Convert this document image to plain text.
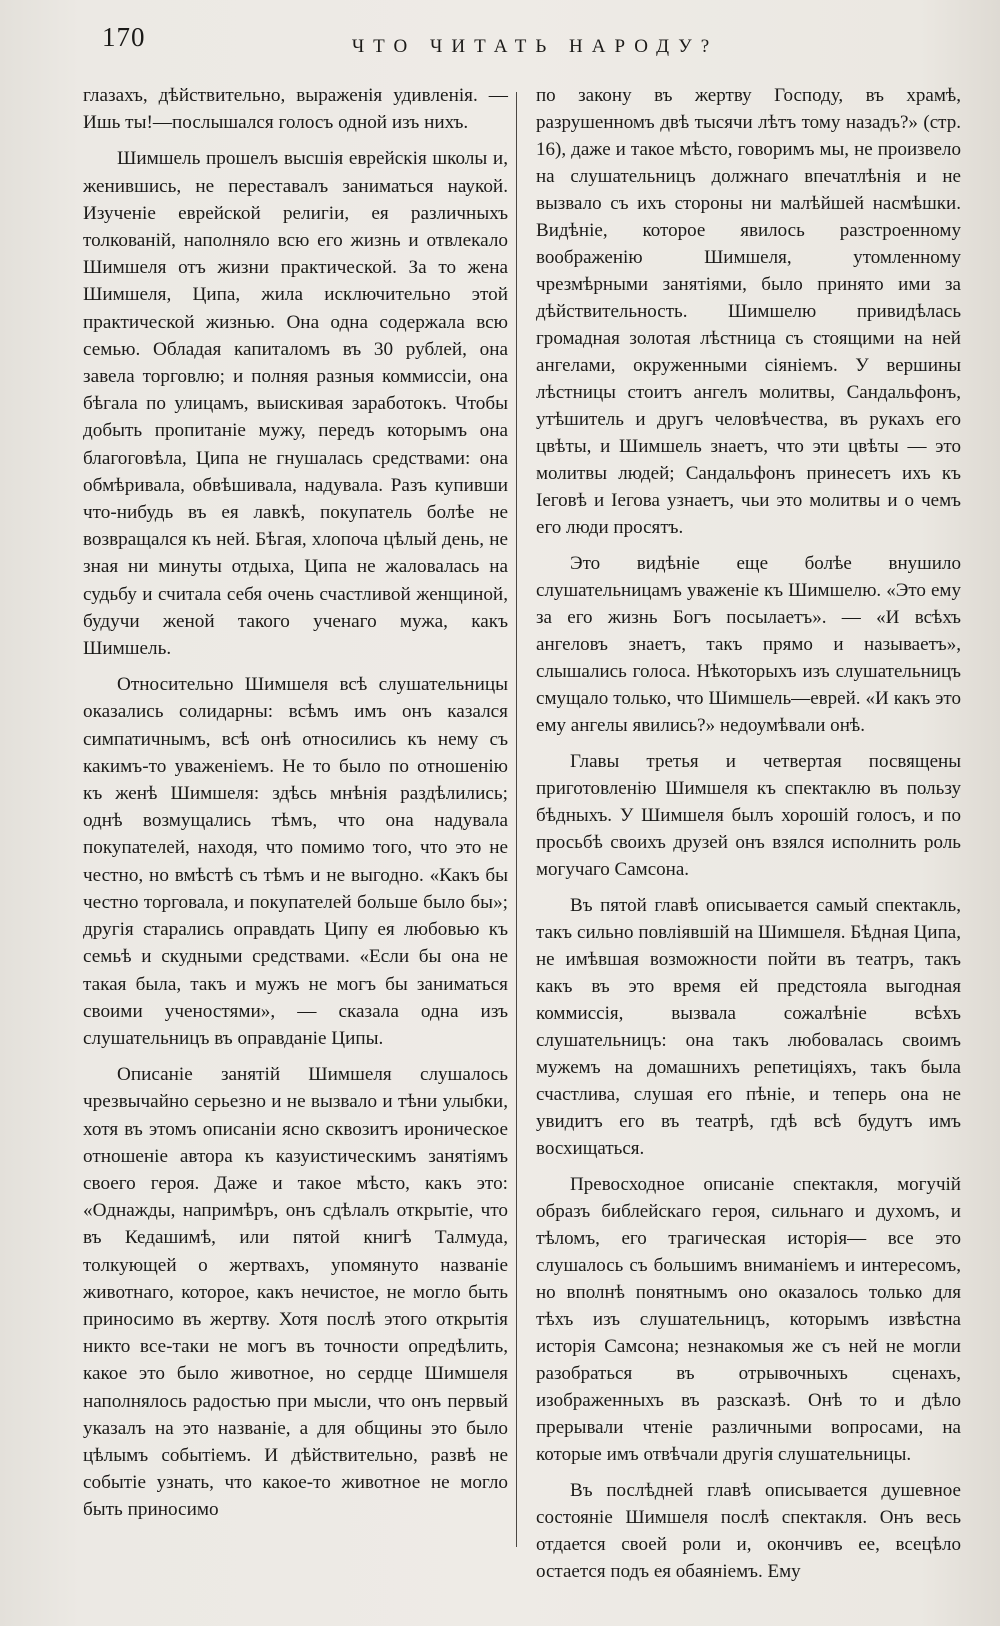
170	ЧТО ЧИТАТЬ НАРОДУ?

глазахъ, дѣйствительно, выраженія удивленія. — Ишь ты!—послышался голосъ одной изъ нихъ.

Шимшель прошелъ высшія еврейскія школы и, женившись, не переставалъ заниматься наукой. Изученіе еврейской религіи, ея различныхъ толкованій, наполняло всю его жизнь и отвлекало Шимшеля отъ жизни практической. За то жена Шимшеля, Ципа, жила исключительно этой практической жизнью. Она одна содержала всю семью. Обладая капиталомъ въ 30 рублей, она завела торговлю; и полняя разныя коммиссіи, она бѣгала по улицамъ, выискивая заработокъ. Чтобы добыть пропитаніе мужу, передъ которымъ она благоговѣла, Ципа не гнушалась средствами: она обмѣривала, обвѣшивала, надувала. Разъ купивши что-нибудь въ ея лавкѣ, покупатель болѣе не возвращался къ ней. Бѣгая, хлопоча цѣлый день, не зная ни минуты отдыха, Ципа не жаловалась на судьбу и считала себя очень счастливой женщиной, будучи женой такого ученаго мужа, какъ Шимшель.

Относительно Шимшеля всѣ слушательницы оказались солидарны: всѣмъ имъ онъ казался симпатичнымъ, всѣ онѣ относились къ нему съ какимъ-то уваженіемъ. Не то было по отношенію къ женѣ Шимшеля: здѣсь мнѣнія раздѣлились; однѣ возмущались тѣмъ, что она надувала покупателей, находя, что помимо того, что это не честно, но вмѣстѣ съ тѣмъ и не выгодно. «Какъ бы честно торговала, и покупателей больше было бы»; другія старались оправдать Ципу ея любовью къ семьѣ и скудными средствами. «Если бы она не такая была, такъ и мужъ не могъ бы заниматься своими ученостями», — сказала одна изъ слушательницъ въ оправданіе Ципы.

Описаніе занятій Шимшеля слушалось чрезвычайно серьезно и не вызвало и тѣни улыбки, хотя въ этомъ описаніи ясно сквозитъ ироническое отношеніе автора къ казуистическимъ занятіямъ своего героя. Даже и такое мѣсто, какъ это: «Однажды, напримѣръ, онъ сдѣлалъ открытіе, что въ Кедашимѣ, или пятой книгѣ Талмуда, толкующей о жертвахъ, упомянуто названіе животнаго, которое, какъ нечистое, не могло быть приносимо въ жертву. Хотя послѣ этого открытія никто все-таки не могъ въ точности опредѣлить, какое это было животное, но сердце Шимшеля наполнялось радостью при мысли, что онъ первый указалъ на это названіе, а для общины это было цѣлымъ событіемъ. И дѣйствительно, развѣ не событіе узнать, что какое-то животное не могло быть приносимо

по закону въ жертву Господу, въ храмѣ, разрушенномъ двѣ тысячи лѣтъ тому назадъ?» (стр. 16), даже и такое мѣсто, говоримъ мы, не произвело на слушательницъ должнаго впечатлѣнія и не вызвало съ ихъ стороны ни малѣйшей насмѣшки. Видѣніе, которое явилось разстроенному воображенію Шимшеля, утомленному чрезмѣрными занятіями, было принято ими за дѣйствительность. Шимшелю привидѣлась громадная золотая лѣстница съ стоящими на ней ангелами, окруженными сіяніемъ. У вершины лѣстницы стоитъ ангелъ молитвы, Сандальфонъ, утѣшитель и другъ человѣчества, въ рукахъ его цвѣты, и Шимшель знаетъ, что эти цвѣты — это молитвы людей; Сандальфонъ принесетъ ихъ къ Iеговѣ и Iегова узнаетъ, чьи это молитвы и о чемъ его люди просятъ.

Это видѣніе еще болѣе внушило слушательницамъ уваженіе къ Шимшелю. «Это ему за его жизнь Богъ посылаетъ». — «И всѣхъ ангеловъ знаетъ, такъ прямо и называетъ», слышались голоса. Нѣкоторыхъ изъ слушательницъ смущало только, что Шимшель—еврей. «И какъ это ему ангелы явились?» недоумѣвали онѣ.

Главы третья и четвертая посвящены приготовленію Шимшеля къ спектаклю въ пользу бѣдныхъ. У Шимшеля былъ хорошій голосъ, и по просьбѣ своихъ друзей онъ взялся исполнить роль могучаго Самсона.

Въ пятой главѣ описывается самый спектакль, такъ сильно повліявшій на Шимшеля. Бѣдная Ципа, не имѣвшая возможности пойти въ театръ, такъ какъ въ это время ей предстояла выгодная коммиссія, вызвала сожалѣніе всѣхъ слушательницъ: она такъ любовалась своимъ мужемъ на домашнихъ репетиціяхъ, такъ была счастлива, слушая его пѣніе, и теперь она не увидитъ его въ театрѣ, гдѣ всѣ будутъ имъ восхищаться.

Превосходное описаніе спектакля, могучій образъ библейскаго героя, сильнаго и духомъ, и тѣломъ, его трагическая исторія— все это слушалось съ большимъ вниманіемъ и интересомъ, но вполнѣ понятнымъ оно оказалось только для тѣхъ изъ слушательницъ, которымъ извѣстна исторія Самсона; незнакомыя же съ ней не могли разобраться въ отрывочныхъ сценахъ, изображенныхъ въ разсказѣ. Онѣ то и дѣло прерывали чтеніе различными вопросами, на которые имъ отвѣчали другія слушательницы.

Въ послѣдней главѣ описывается душевное состояніе Шимшеля послѣ спектакля. Онъ весь отдается своей роли и, окончивъ ее, всецѣло остается подъ ея обаяніемъ. Ему
